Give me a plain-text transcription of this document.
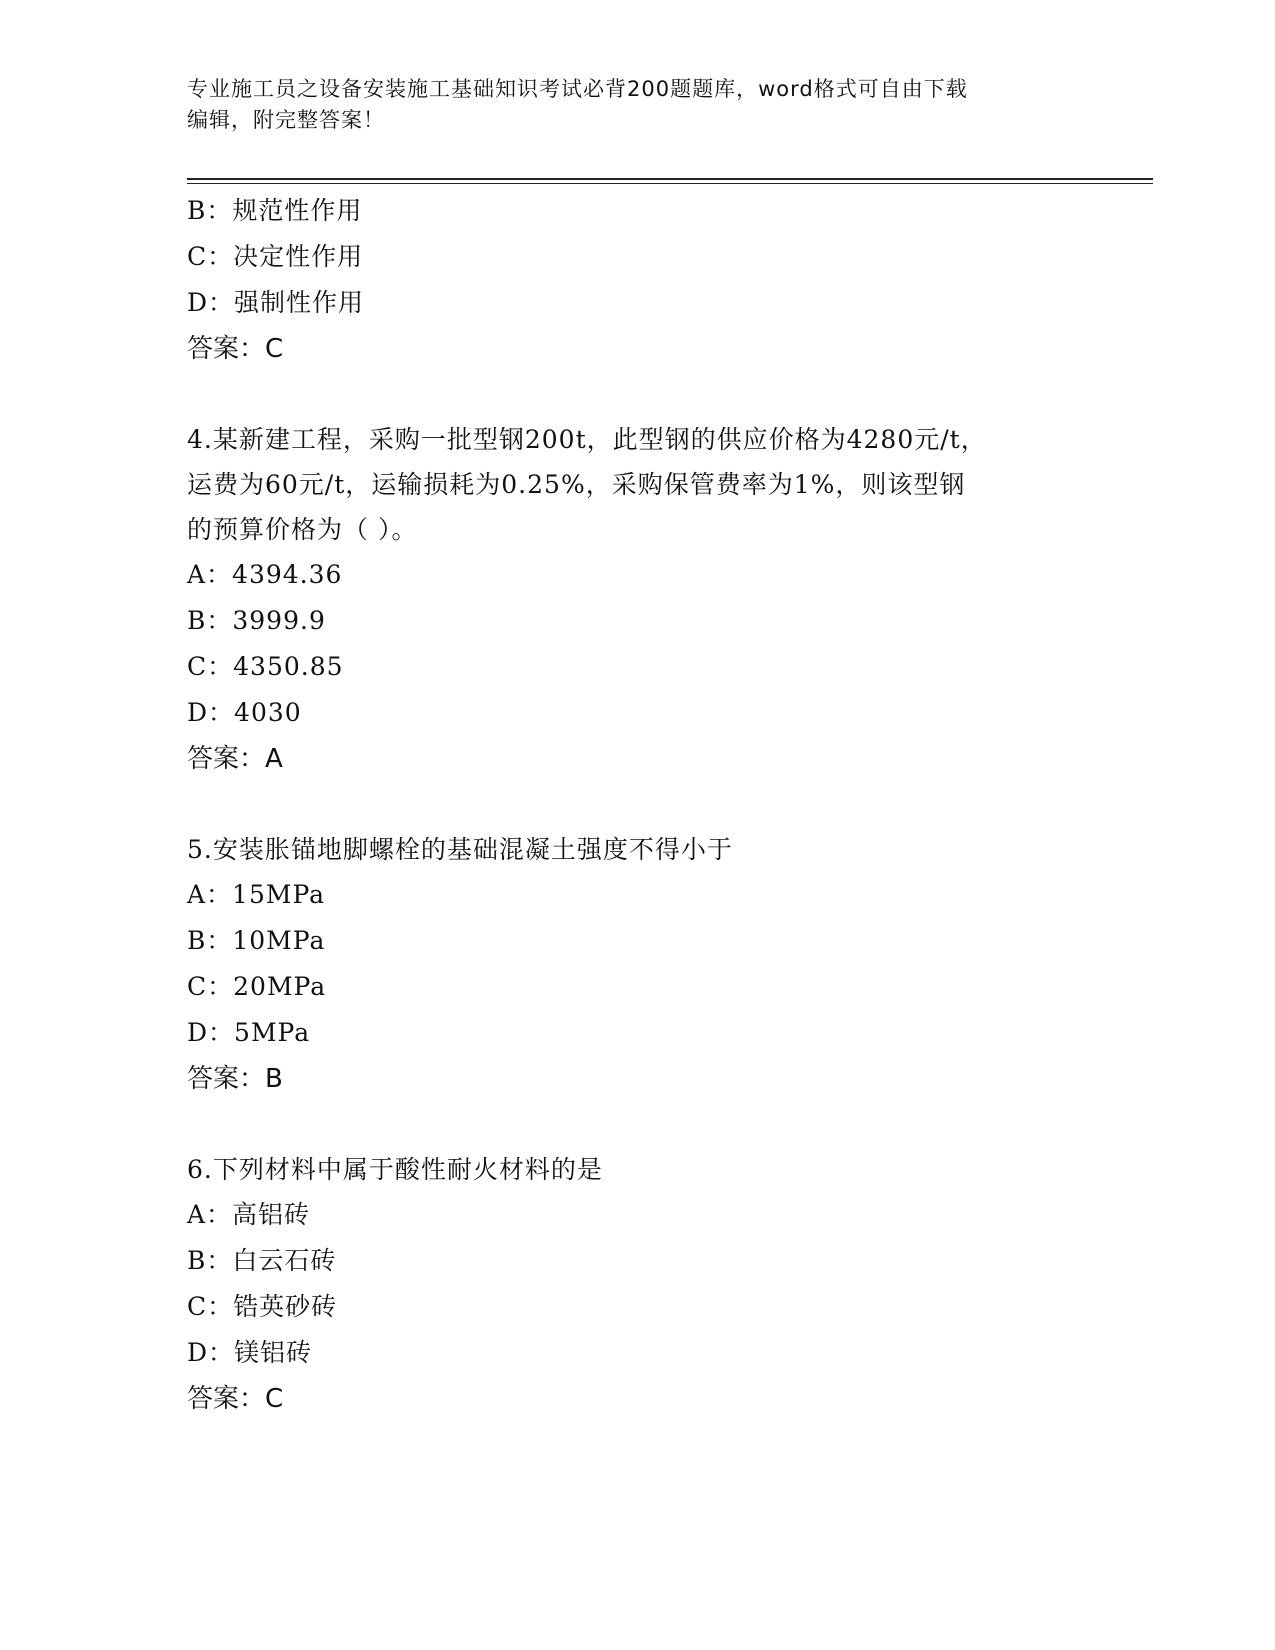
专业施工员之设备安装施工基础知识考试必背200题题库，word格式可自由下载
编辑，附完整答案！
B：规范性作用
C：决定性作用
D：强制性作用
答案：C
4.某新建工程，采购一批型钢200t，此型钢的供应价格为4280元/t，
运费为60元/t，运输损耗为0.25%，采购保管费率为1%，则该型钢
的预算价格为（ ）。
A：4394.36
B：3999.9
C：4350.85
D：4030
答案：A
5.安装胀锚地脚螺栓的基础混凝土强度不得小于
A：15MPa
B：10MPa
C：20MPa
D：5MPa
答案：B
6.下列材料中属于酸性耐火材料的是
A：高铝砖
B：白云石砖
C：锆英砂砖
D：镁铝砖
答案：C
